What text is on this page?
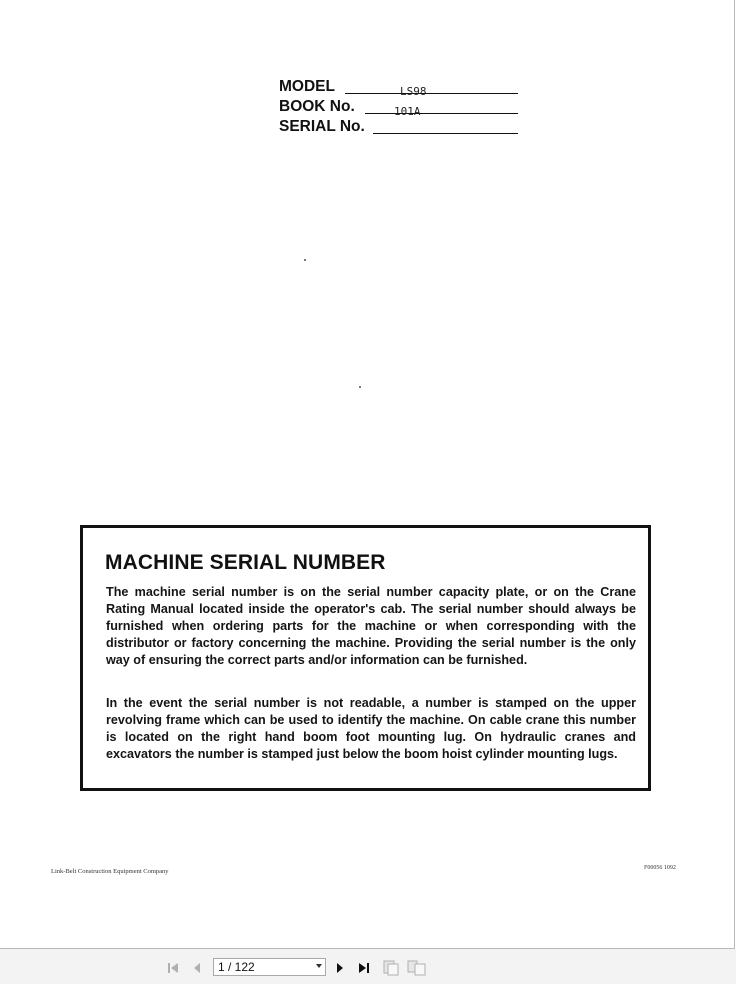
MODEL	LS98
BOOK No.	101A
SERIAL No.
MACHINE SERIAL NUMBER

The machine serial number is on the serial number capacity plate, or on the Crane Rating Manual located inside the operator's cab. The serial number should always be furnished when ordering parts for the machine or when corresponding with the distributor or factory concerning the machine. Providing the serial number is the only way of ensuring the correct parts and/or information can be furnished.

In the event the serial number is not readable, a number is stamped on the upper revolving frame which can be used to identify the machine. On cable crane this number is located on the right hand boom foot mounting lug. On hydraulic cranes and excavators the number is stamped just below the boom hoist cylinder mounting lugs.

Link-Belt Construction Equipment Company	F00056 1092
1 / 122
